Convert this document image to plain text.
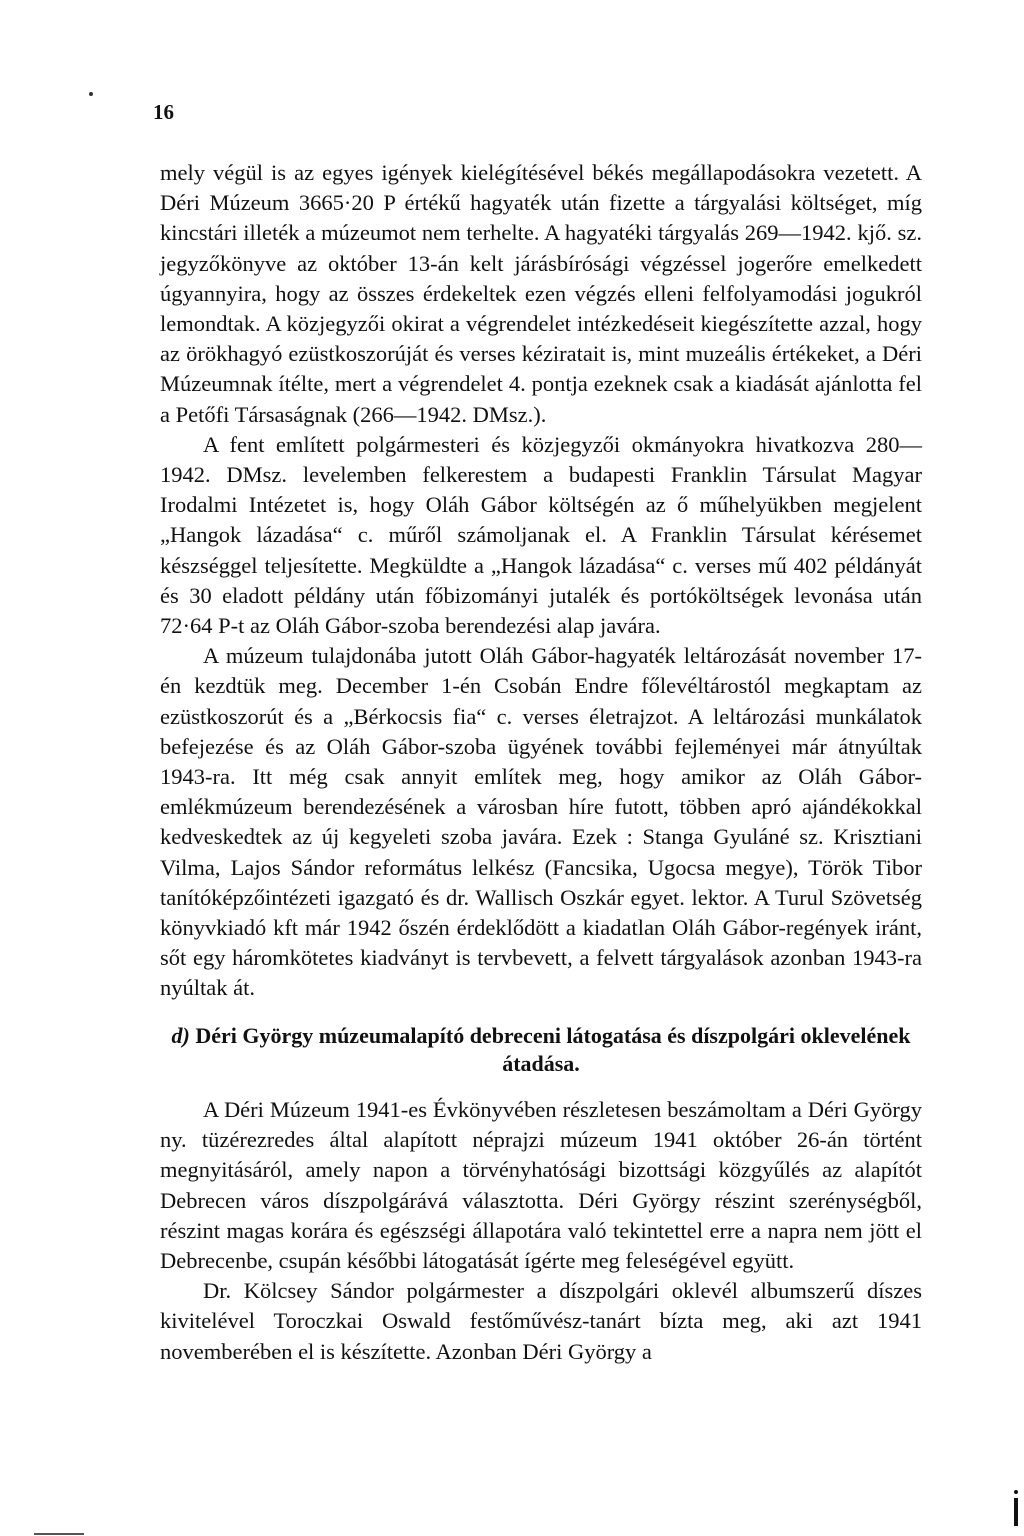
16

mely végül is az egyes igények kielégítésével békés megállapodásokra vezetett. A Déri Múzeum 3665·20 P értékű hagyaték után fizette a tárgyalási költséget, míg kincstári illeték a múzeumot nem terhelte. A hagyatéki tárgyalás 269—1942. kjő. sz. jegyzőkönyve az október 13-án kelt járásbírósági végzéssel jogerőre emelkedett úgyannyira, hogy az összes érdekeltek ezen végzés elleni felfolyamodási jogukról lemondtak. A közjegyzői okirat a végrendelet intézkedéseit kiegészítette azzal, hogy az örökhagyó ezüstkoszorúját és verses kéziratait is, mint muzeális értékeket, a Déri Múzeumnak ítélte, mert a végrendelet 4. pontja ezeknek csak a kiadását ajánlotta fel a Petőfi Társaságnak (266—1942. DMsz.).

A fent említett polgármesteri és közjegyzői okmányokra hivatkozva 280—1942. DMsz. levelemben felkerestem a budapesti Franklin Társulat Magyar Irodalmi Intézetet is, hogy Oláh Gábor költségén az ő műhelyükben megjelent „Hangok lázadása“ c. műről számoljanak el. A Franklin Társulat kérésemet készséggel teljesítette. Megküldte a „Hangok lázadása“ c. verses mű 402 példányát és 30 eladott példány után főbizományi jutalék és portóköltségek levonása után 72·64 P-t az Oláh Gábor-szoba berendezési alap javára.

A múzeum tulajdonába jutott Oláh Gábor-hagyaték leltározását november 17-én kezdtük meg. December 1-én Csobán Endre főlevéltárostól megkaptam az ezüstkoszorút és a „Bérkocsis fia“ c. verses életrajzot. A leltározási munkálatok befejezése és az Oláh Gábor-szoba ügyének további fejleményei már átnyúltak 1943-ra. Itt még csak annyit említek meg, hogy amikor az Oláh Gábor-emlékmúzeum berendezésének a városban híre futott, többen apró ajándékokkal kedveskedtek az új kegyeleti szoba javára. Ezek : Stanga Gyuláné sz. Krisztiani Vilma, Lajos Sándor református lelkész (Fancsika, Ugocsa megye), Török Tibor tanítóképzőintézeti igazgató és dr. Wallisch Oszkár egyet. lektor. A Turul Szövetség könyvkiadó kft már 1942 őszén érdeklődött a kiadatlan Oláh Gábor-regények iránt, sőt egy háromkötetes kiadványt is tervbevett, a felvett tárgyalások azonban 1943-ra nyúltak át.

d) Déri György múzeumalapító debreceni látogatása és díszpolgári oklevelének átadása.

A Déri Múzeum 1941-es Évkönyvében részletesen beszámoltam a Déri György ny. tüzérezredes által alapított néprajzi múzeum 1941 október 26-án történt megnyitásáról, amely napon a törvényhatósági bizottsági közgyűlés az alapítót Debrecen város díszpolgárává választotta. Déri György részint szerénységből, részint magas korára és egészségi állapotára való tekintettel erre a napra nem jött el Debrecenbe, csupán későbbi látogatását ígérte meg feleségével együtt.

Dr. Kölcsey Sándor polgármester a díszpolgári oklevél albumszerű díszes kivitelével Toroczkai Oswald festőművész-tanárt bízta meg, aki azt 1941 novemberében el is készítette. Azonban Déri György a
